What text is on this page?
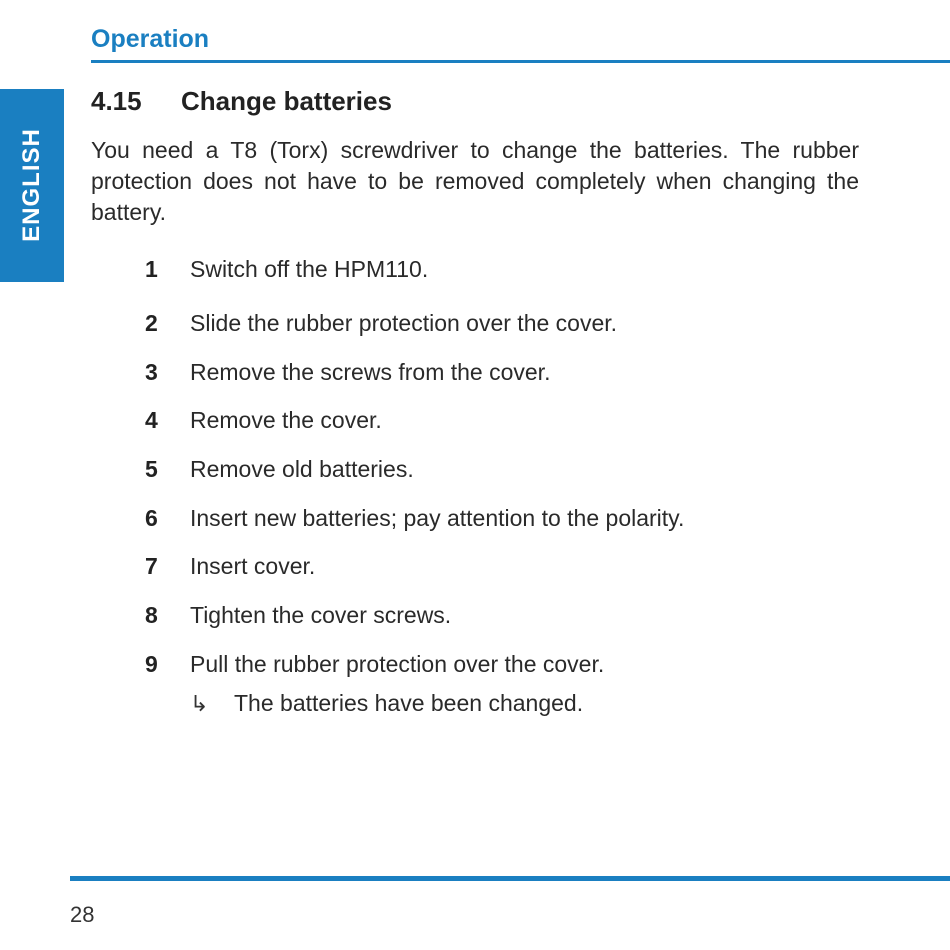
Operation
ENGLISH
4.15 Change batteries

You need a T8 (Torx) screwdriver to change the batteries. The rubber protection does not have to be removed completely when changing the battery.

1	Switch off the HPM110.
2	Slide the rubber protection over the cover.
3	Remove the screws from the cover.
4	Remove the cover.
5	Remove old batteries.
6	Insert new batteries; pay attention to the polarity.
7	Insert cover.
8	Tighten the cover screws.
9	Pull the rubber protection over the cover.
↳ The batteries have been changed.
28
